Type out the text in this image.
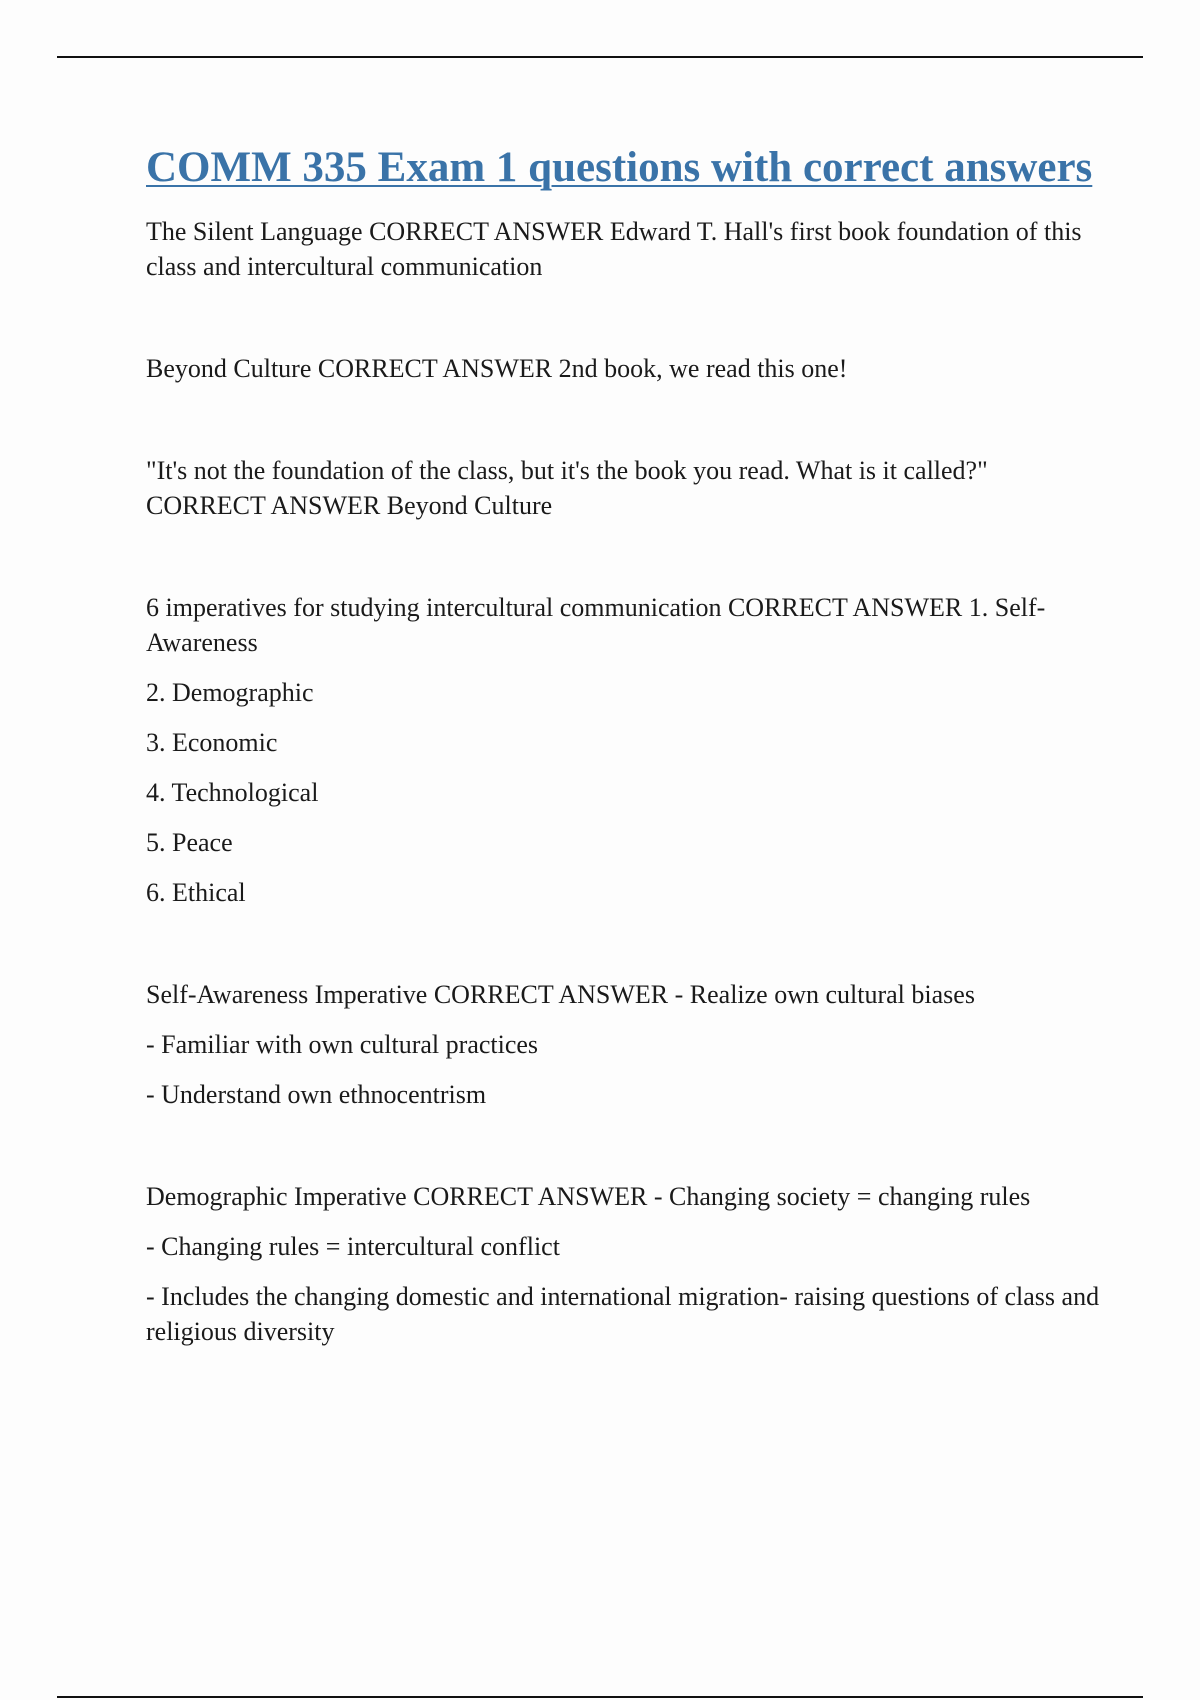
COMM 335 Exam 1 questions with correct answers

The Silent Language CORRECT ANSWER Edward T. Hall's first book foundation of this class and intercultural communication

Beyond Culture CORRECT ANSWER 2nd book, we read this one!

"It's not the foundation of the class, but it's the book you read. What is it called?" CORRECT ANSWER Beyond Culture

6 imperatives for studying intercultural communication CORRECT ANSWER 1. Self-Awareness

2. Demographic

3. Economic

4. Technological

5. Peace

6. Ethical

Self-Awareness Imperative CORRECT ANSWER - Realize own cultural biases

- Familiar with own cultural practices

- Understand own ethnocentrism

Demographic Imperative CORRECT ANSWER - Changing society = changing rules

- Changing rules = intercultural conflict

- Includes the changing domestic and international migration- raising questions of class and religious diversity
